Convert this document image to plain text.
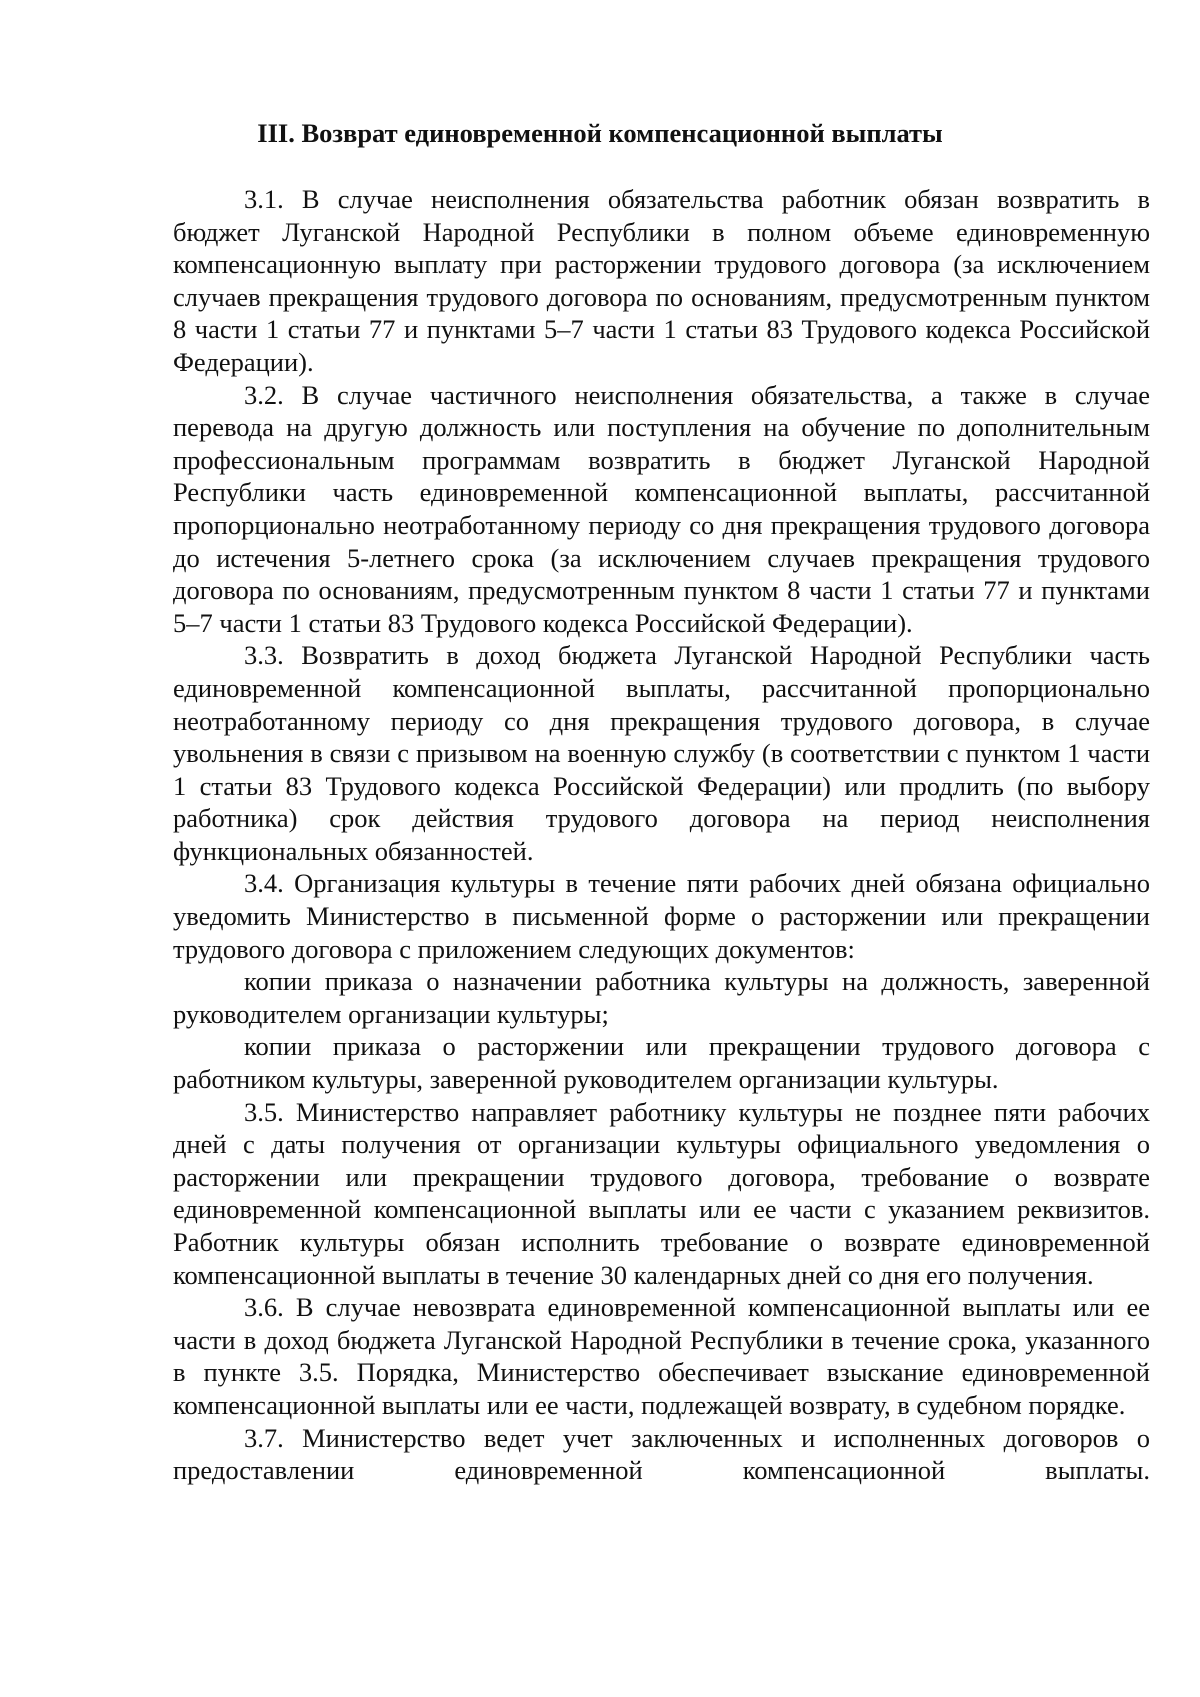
III. Возврат единовременной компенсационной выплаты

3.1. В случае неисполнения обязательства работник обязан возвратить в бюджет Луганской Народной Республики в полном объеме единовременную компенсационную выплату при расторжении трудового договора (за исключением случаев прекращения трудового договора по основаниям, предусмотренным пунктом 8 части 1 статьи 77 и пунктами 5–7 части 1 статьи 83 Трудового кодекса Российской Федерации).

3.2. В случае частичного неисполнения обязательства, а также в случае перевода на другую должность или поступления на обучение по дополнительным профессиональным программам возвратить в бюджет Луганской Народной Республики часть единовременной компенсационной выплаты, рассчитанной пропорционально неотработанному периоду со дня прекращения трудового договора до истечения 5-летнего срока (за исключением случаев прекращения трудового договора по основаниям, предусмотренным пунктом 8 части 1 статьи 77 и пунктами 5–7 части 1 статьи 83 Трудового кодекса Российской Федерации).

3.3. Возвратить в доход бюджета Луганской Народной Республики часть единовременной компенсационной выплаты, рассчитанной пропорционально неотработанному периоду со дня прекращения трудового договора, в случае увольнения в связи с призывом на военную службу (в соответствии с пунктом 1 части 1 статьи 83 Трудового кодекса Российской Федерации) или продлить (по выбору работника) срок действия трудового договора на период неисполнения функциональных обязанностей.

3.4. Организация культуры в течение пяти рабочих дней обязана официально уведомить Министерство в письменной форме о расторжении или прекращении трудового договора с приложением следующих документов:

копии приказа о назначении работника культуры на должность, заверенной руководителем организации культуры;

копии приказа о расторжении или прекращении трудового договора с работником культуры, заверенной руководителем организации культуры.

3.5. Министерство направляет работнику культуры не позднее пяти рабочих дней с даты получения от организации культуры официального уведомления о расторжении или прекращении трудового договора, требование о возврате единовременной компенсационной выплаты или ее части с указанием реквизитов. Работник культуры обязан исполнить требование о возврате единовременной компенсационной выплаты в течение 30 календарных дней со дня его получения.

3.6. В случае невозврата единовременной компенсационной выплаты или ее части в доход бюджета Луганской Народной Республики в течение срока, указанного в пункте 3.5. Порядка, Министерство обеспечивает взыскание единовременной компенсационной выплаты или ее части, подлежащей возврату, в судебном порядке.

3.7. Министерство ведет учет заключенных и исполненных договоров о предоставлении единовременной компенсационной выплаты.
